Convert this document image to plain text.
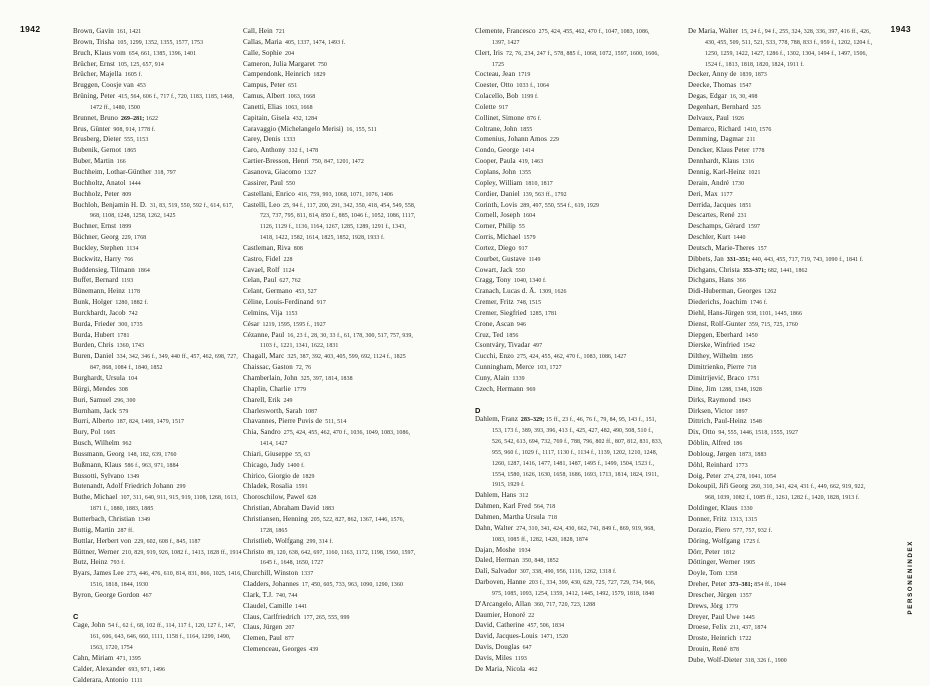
1942	1943
Brown, Gavin 161, 1421
Brown, Trisha 105, 1299, 1352, 1355, 1577, 1753
Bruch, Klaus vom 654, 661, 1385, 1396, 1401
Brücher, Ernst 105, 125, 657, 914
Brücher, Majella 1605 f.
Bruggen, Coosje van 453
Brüning, Peter 415, 564, 606 f., 717 f., 720, 1183, 1185, 1468, 1472 ff., 1480, 1500
Brunnet, Bruno 269–281; 1622
Brus, Günter 908, 914, 1778 f.
Brusberg, Dieter 555, 1153
Bubenik, Gernot 1865
Buber, Martin 166
Buchheim, Lothar-Günther 318, 797
Buchholtz, Anatol 1444
Buchholz, Peter 809
Buchloh, Benjamin H. D. 31, 83, 519, 550, 592 f., 614, 617, 968, 1108, 1248, 1258, 1262, 1425
Buchner, Ernst 1899
Büchner, Georg 229, 1768
Buckley, Stephen 1134
Buckwitz, Harry 766
Buddensieg, Tilmann 1864
Buffet, Bernard 1193
Bünemann, Heinz 1178
Bunk, Holger 1280, 1882 f.
Burckhardt, Jacob 742
Burda, Frieder 300, 1735
Burda, Hubert 1781
Burden, Chris 1360, 1743
Buren, Daniel 334, 342, 346 f., 349, 440 ff., 457, 462, 698, 727, 847, 868, 1084 f., 1840, 1852
Burghardt, Ursula 104
Bürgi, Mendes 308
Buri, Samuel 296, 300
Burnham, Jack 579
Burri, Alberto 187, 824, 1469, 1479, 1517
Bury, Pol 1605
Busch, Wilhelm 962
Bussmann, Georg 148, 182, 639, 1760
Bußmann, Klaus 586 f., 963, 971, 1884
Bussotti, Sylvano 1349
Butenandt, Adolf Friedrich Johann 299
Buthe, Michael 107, 311, 640, 911, 915, 919, 1108, 1268, 1613, 1871 f., 1880, 1883, 1885
Butterbach, Christian 1349
Buttig, Martin 287 ff.
Buttlar, Herbert von 229, 602, 608 f., 845, 1187
Büttner, Werner 210, 829, 919, 926, 1082 f., 1413, 1828 ff., 1914
Butz, Heinz 793 f.
Byars, James Lee 273, 446, 476, 610, 814, 831, 866, 1025, 1416, 1516, 1818, 1844, 1930
Byron, George Gordon 467
C
Cage, John 54 f., 62 f., 68, 102 ff., 114, 117 f., 120, 127 f., 147, 161, 606, 643, 646, 660, 1111, 1158 f., 1164, 1299, 1490, 1563, 1720, 1754
Cahn, Miriam 471, 1395
Calder, Alexander 693, 971, 1496
Calderara, Antonio 1111
Call, Hein 721
Callas, Maria 405, 1337, 1474, 1493 f.
Calle, Sophie 204
Cameron, Julia Margaret 750
Campendonk, Heinrich 1829
Campus, Peter 651
Camus, Albert 1063, 1668
Canetti, Elias 1063, 1668
Capitain, Gisela 432, 1284
Caravaggio (Michelangelo Merisi) 16, 155, 511
Carey, Denis 1333
Caro, Anthony 332 f., 1478
Cartier-Bresson, Henri 750, 847, 1201, 1472
Casanova, Giacomo 1327
Cassirer, Paul 550
Castellani, Enrico 416, 759, 993, 1068, 1071, 1076, 1406
Castelli, Leo 25, 94 f., 117, 200, 291, 342, 350, 418, 454, 549, 558, 723, 737, 795, 811, 814, 850 f., 885, 1046 f., 1052, 1086, 1117, 1126, 1129 f., 1136, 1164, 1267, 1285, 1289, 1291 f., 1343, 1418, 1422, 1582, 1614, 1825, 1852, 1928, 1933 f.
Castleman, Riva 808
Castro, Fidel 228
Cavael, Rolf 1124
Celan, Paul 627, 762
Celant, Germano 453, 527
Céline, Louis-Ferdinand 917
Celmins, Vija 1153
César 1219, 1595, 1595 f., 1927
Cézanne, Paul 16, 23 f., 28, 30, 33 f., 61, 178, 300, 517, 757, 939, 1103 f., 1221, 1341, 1622, 1831
Chagall, Marc 325, 387, 392, 403, 405, 599, 692, 1124 f., 1825
Chaissac, Gaston 72, 76
Chamberlain, John 325, 397, 1814, 1838
Chaplin, Charlie 1779
Charell, Erik 249
Charlesworth, Sarah 1087
Chavannes, Pierre Puvis de 511, 514
Chia, Sandro 275, 424, 455, 462, 470 f., 1036, 1049, 1083, 1086, 1414, 1427
Chiari, Giuseppe 55, 63
Chicago, Judy 1400 f.
Chirico, Giorgio de 1829
Chladek, Rosalia 1591
Choroschilow, Pawel 628
Christian, Abraham David 1883
Christiansen, Henning 205, 522, 827, 862, 1367, 1446, 1576, 1728, 1865
Christlieb, Wolfgang 299, 314 f.
Christo 89, 120, 638, 642, 697, 1160, 1163, 1172, 1198, 1560, 1597, 1645 f., 1648, 1650, 1727
Churchill, Winston 1337
Cladders, Johannes 17, 450, 605, 733, 963, 1090, 1290, 1360
Clark, T.J. 740, 744
Claudel, Camille 1441
Claus, Carlfriedrich 177, 265, 555, 999
Claus, Jürgen 207
Clemen, Paul 877
Clemenceau, Georges 439
Clemente, Francesco 275, 424, 455, 462, 470 f., 1047, 1083, 1086, 1397, 1427
Clert, Iris 72, 76, 234, 247 f., 578, 885 f., 1068, 1072, 1597, 1600, 1606, 1725
Cocteau, Jean 1719
Coester, Otto 1033 f., 1064
Colacello, Bob 1199 f.
Colette 917
Collinet, Simone 876 f.
Coltrane, John 1855
Comenius, Johann Amos 229
Condo, George 1414
Cooper, Paula 419, 1463
Coplans, John 1355
Copley, William 1810, 1817
Cordier, Daniel 139, 563 ff., 1792
Corinth, Lovis 289, 497, 550, 554 f., 619, 1929
Cornell, Joseph 1604
Corner, Philip 55
Corris, Michael 1579
Cortez, Diego 917
Courbet, Gustave 1149
Cowart, Jack 550
Cragg, Tony 1040, 1340 f.
Cranach, Lucas d. Ä. 1309, 1626
Cremer, Fritz 748, 1515
Cremer, Siegfried 1285, 1781
Crone, Ascan 946
Cruz, Ted 1856
Csontváry, Tivadar 497
Cucchi, Enzo 275, 424, 455, 462, 470 f., 1083, 1086, 1427
Cunningham, Merce 103, 1727
Cuny, Alain 1339
Czech, Hermann 969
D
Dahlem, Franz 283–329; 15 ff., 23 f., 46, 76 f., 79, 84, 95, 143 f., 151, 153, 173 f., 389, 393, 396, 413 f., 425, 427, 482, 490, 508, 510 f., 526, 542, 613, 694, 732, 769 f., 788, 796, 802 ff., 807, 812, 831, 833, 955, 960 f., 1029 f., 1117, 1130 f., 1134 f., 1139, 1202, 1210, 1248, 1260, 1287, 1416, 1477, 1481, 1487, 1495 f., 1499, 1504, 1523 f., 1554, 1580, 1626, 1630, 1658, 1686, 1693, 1713, 1814, 1824, 1911, 1915, 1929 f.
Dahlem, Hans 312
Dahmen, Karl Fred 564, 718
Dahmen, Martha Ursula 718
Dahn, Walter 274, 310, 341, 424, 430, 662, 741, 849 f., 869, 919, 968, 1083, 1085 ff., 1282, 1420, 1828, 1874
Dajan, Moshe 1934
Daled, Herman 350, 848, 1852
Dalí, Salvador 307, 338, 490, 956, 1116, 1262, 1318 f.
Darboven, Hanne 203 f., 334, 399, 430, 629, 725, 727, 729, 734, 966, 975, 1085, 1093, 1254, 1359, 1412, 1445, 1492, 1579, 1818, 1840
D'Arcangelo, Allan 360, 717, 720, 723, 1288
Daumier, Honoré 22
David, Catherine 457, 506, 1834
David, Jacques-Louis 1471, 1520
Davis, Douglas 647
Davis, Miles 1193
De Maria, Nicola 462
De Maria, Walter 15, 24 f., 94 f., 255, 324, 328, 336, 397, 416 ff., 426, 430, 455, 509, 511, 521, 533, 778, 788, 833 f., 959 f., 1202, 1204 f., 1250, 1259, 1422, 1427, 1286 f., 1302, 1304, 1494 f., 1497, 1506, 1524 f., 1813, 1818, 1820, 1824, 1911 f.
Decker, Anny de 1839, 1873
Deecke, Thomas 1547
Degas, Edgar 16, 30, 498
Degenhart, Bernhard 325
Delvaux, Paul 1926
Demarco, Richard 1410, 1576
Demming, Dagmar 211
Dencker, Klaus Peter 1778
Dennhardt, Klaus 1316
Dennig, Karl-Heinz 1021
Derain, André 1730
Deri, Max 1177
Derrida, Jacques 1851
Descartes, René 231
Deschamps, Gérard 1597
Deschler, Kurt 1440
Deutsch, Marie-Theres 157
Dibbets, Jan 331–351; 440, 443, 455, 717, 719, 743, 1090 f., 1841 f.
Dichgans, Christa 353–371; 682, 1441, 1862
Dichgans, Hans 366
Didi-Huberman, Georges 1262
Diederichs, Joachim 1746 f.
Diehl, Hans-Jürgen 938, 1101, 1445, 1866
Dienst, Rolf-Gunter 359, 715, 725, 1760
Diepgen, Eberhard 1450
Dierske, Winfried 1542
Dilthey, Wilhelm 1895
Dimitrienko, Pierre 718
Dimitrijević, Braco 1751
Dine, Jim 1288, 1348, 1928
Dirks, Raymond 1843
Dirksen, Victor 1897
Dittrich, Paul-Heinz 1548
Dix, Otto 94, 555, 1446, 1518, 1555, 1927
Döblin, Alfred 186
Dobloug, Jørgen 1873, 1883
Döhl, Reinhard 1773
Doig, Peter 274, 278, 1041, 1054
Dokoupil, Jiří Georg 260, 310, 341, 424, 431 f., 449, 662, 919, 922, 968, 1039, 1082 f., 1085 ff., 1261, 1282 f., 1420, 1828, 1913 f.
Doldinger, Klaus 1330
Donner, Fritz 1313, 1315
Dorazio, Piero 577, 757, 932 f.
Döring, Wolfgang 1725 f.
Dörr, Peter 1812
Döttinger, Werner 1905
Doyle, Tom 1358
Dreher, Peter 373–381; 854 ff., 1044
Drescher, Jürgen 1357
Drews, Jörg 1779
Dreyer, Paul Uwe 1445
Droese, Felix 211, 437, 1874
Droste, Heinrich 1722
Drouin, René 878
Dube, Wolf-Dieter 318, 326 f., 1900
PERSONENINDEX
